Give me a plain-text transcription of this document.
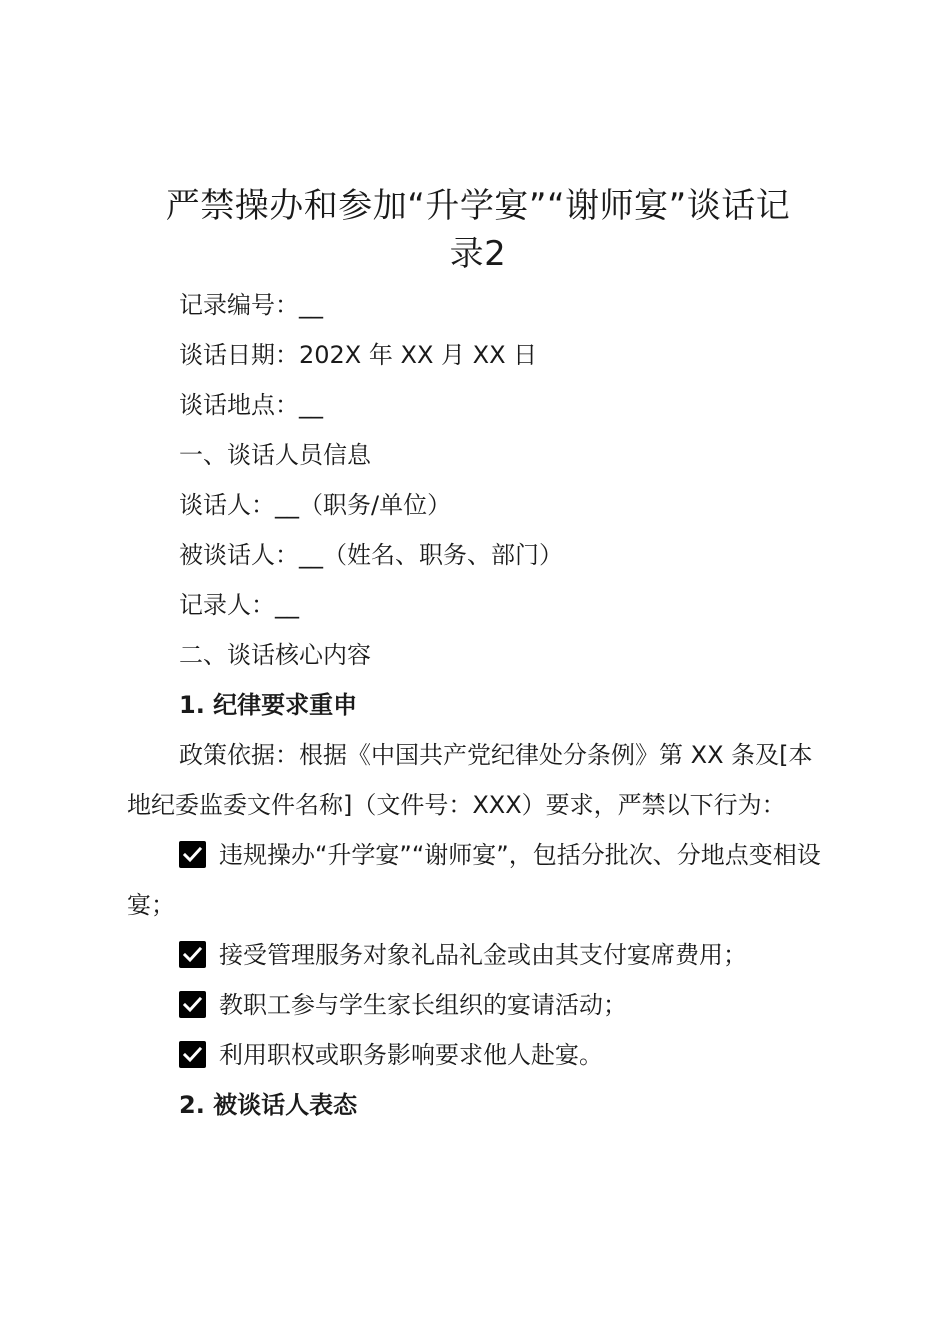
严禁操办和参加“升学宴”“谢师宴”谈话记
录2

记录编号：__

谈话日期：202X 年 XX 月 XX 日

谈话地点：__

一、谈话人员信息

谈话人：__（职务/单位）

被谈话人：__（姓名、职务、部门）

记录人：__

二、谈话核心内容

1. 纪律要求重申

政策依据：根据《中国共产党纪律处分条例》第 XX 条及[本地纪委监委文件名称]（文件号：XXX）要求，严禁以下行为：

违规操办“升学宴”“谢师宴”，包括分批次、分地点变相设宴；

接受管理服务对象礼品礼金或由其支付宴席费用；

教职工参与学生家长组织的宴请活动；

利用职权或职务影响要求他人赴宴。

2. 被谈话人表态
